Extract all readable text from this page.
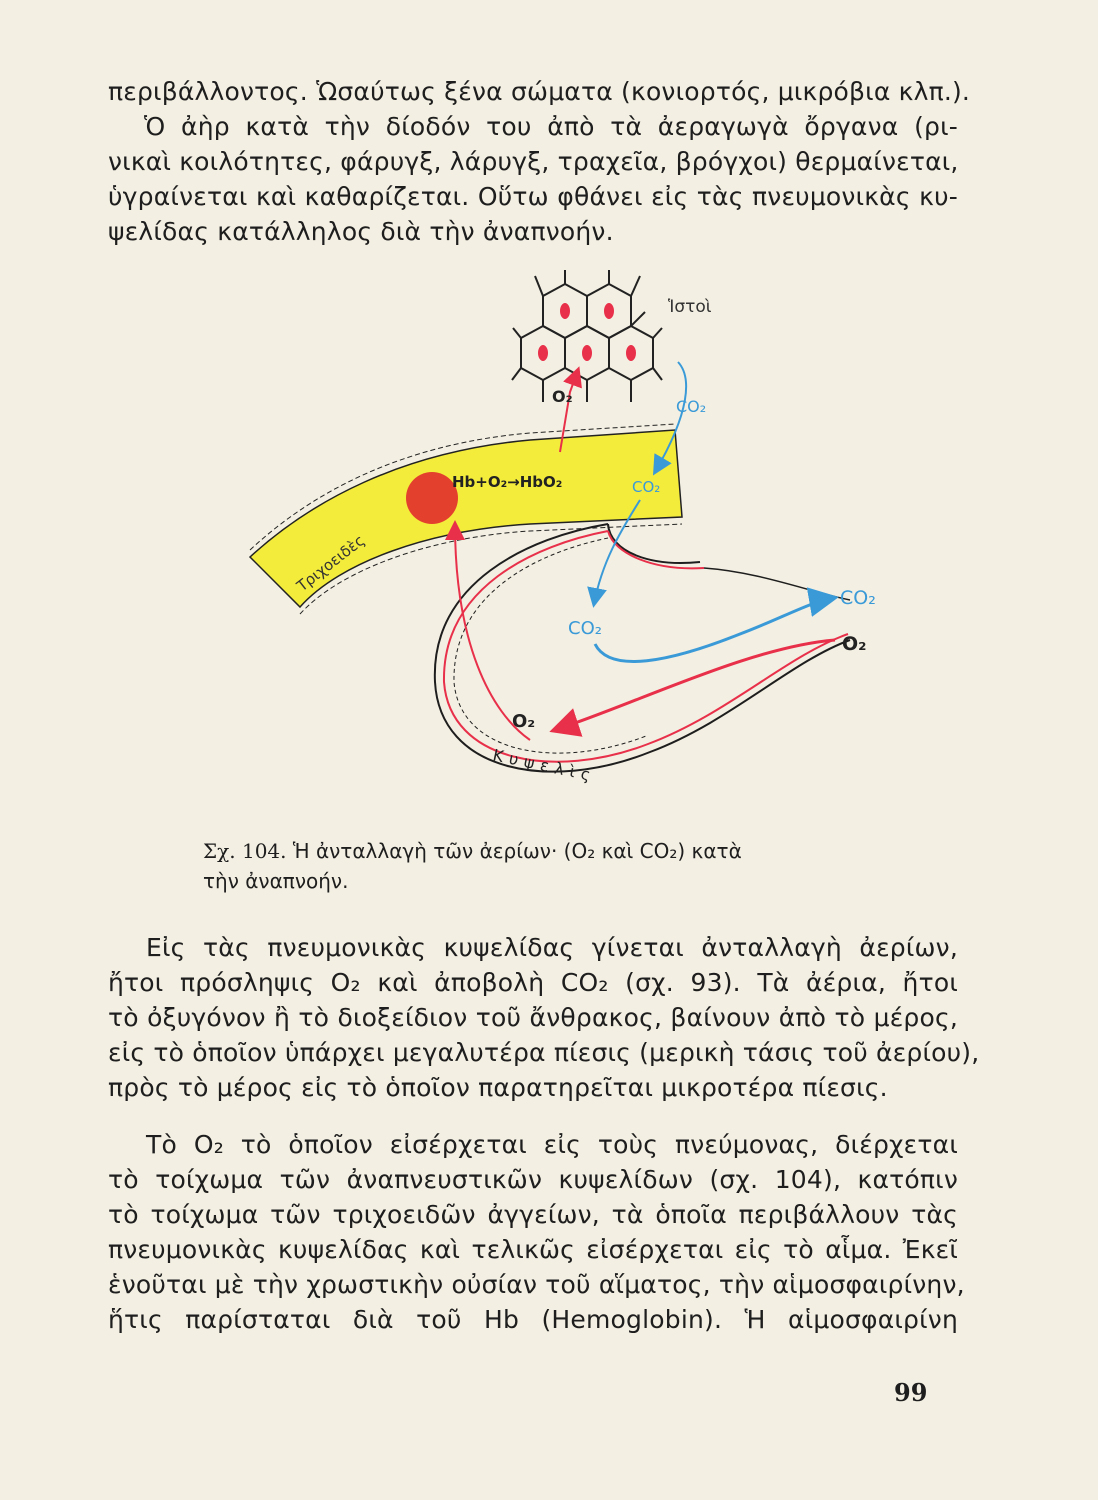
περιβάλλοντος. Ὡσαύτως ξένα σώματα (κονιορτός, μικρόβια κλπ.).
Ὁ ἀὴρ κατὰ τὴν δίοδόν του ἀπὸ τὰ ἀεραγωγὰ ὄργανα (ρι-
νικαὶ κοιλότητες, φάρυγξ, λάρυγξ, τραχεῖα, βρόγχοι) θερμαίνεται,
ὑγραίνεται καὶ καθαρίζεται. Οὕτω φθάνει εἰς τὰς πνευμονικὰς κυ-
ψελίδας κατάλληλος διὰ τὴν ἀναπνοήν.
Ἱστοὶ
Τριχοειδὲς
Hb+O₂→HbO₂
O₂
CO₂
CO₂
CO₂
CO₂
O₂
O₂
Κυψελὶς
Σχ. 104. Ἡ ἀνταλλαγὴ τῶν ἀερίων· (O₂ καὶ CO₂) κατὰ
τὴν ἀναπνοήν.
Εἰς τὰς πνευμονικὰς κυψελίδας γίνεται ἀνταλλαγὴ ἀερίων,
ἤτοι πρόσληψις O₂ καὶ ἀποβολὴ CO₂ (σχ. 93). Τὰ ἀέρια, ἤτοι
τὸ ὀξυγόνον ἢ τὸ διοξείδιον τοῦ ἄνθρακος, βαίνουν ἀπὸ τὸ μέρος,
εἰς τὸ ὁποῖον ὑπάρχει μεγαλυτέρα πίεσις (μερικὴ τάσις τοῦ ἀερίου),
πρὸς τὸ μέρος εἰς τὸ ὁποῖον παρατηρεῖται μικροτέρα πίεσις.
Τὸ O₂ τὸ ὁποῖον εἰσέρχεται εἰς τοὺς πνεύμονας, διέρχεται
τὸ τοίχωμα τῶν ἀναπνευστικῶν κυψελίδων (σχ. 104), κατόπιν
τὸ τοίχωμα τῶν τριχοειδῶν ἀγγείων, τὰ ὁποῖα περιβάλλουν τὰς
πνευμονικὰς κυψελίδας καὶ τελικῶς εἰσέρχεται εἰς τὸ αἷμα. Ἐκεῖ
ἑνοῦται μὲ τὴν χρωστικὴν οὐσίαν τοῦ αἵματος, τὴν αἱμοσφαιρίνην,
ἥτις παρίσταται διὰ τοῦ Hb (Hemoglobin). Ἡ αἱμοσφαιρίνη
99
